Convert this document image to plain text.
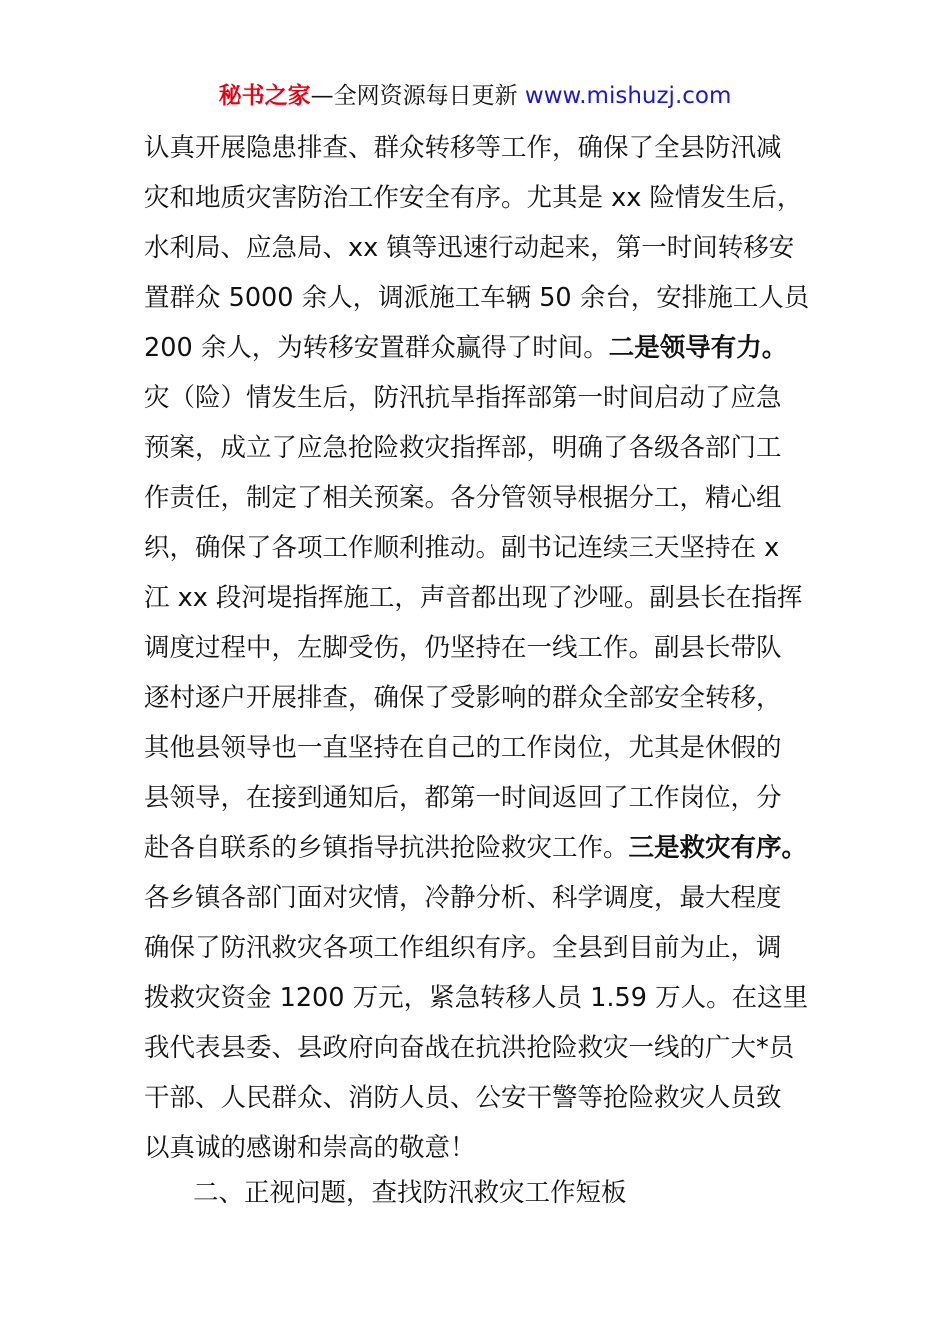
秘书之家—全网资源每日更新 www.mishuzj.com
认真开展隐患排查、群众转移等工作，确保了全县防汛减
灾和地质灾害防治工作安全有序。尤其是 xx 险情发生后，
水利局、应急局、xx 镇等迅速行动起来，第一时间转移安
置群众 5000 余人，调派施工车辆 50 余台，安排施工人员
200 余人，为转移安置群众赢得了时间。二是领导有力。
灾（险）情发生后，防汛抗旱指挥部第一时间启动了应急
预案，成立了应急抢险救灾指挥部，明确了各级各部门工
作责任，制定了相关预案。各分管领导根据分工，精心组
织，确保了各项工作顺利推动。副书记连续三天坚持在 x
江 xx 段河堤指挥施工，声音都出现了沙哑。副县长在指挥
调度过程中，左脚受伤，仍坚持在一线工作。副县长带队
逐村逐户开展排查，确保了受影响的群众全部安全转移，
其他县领导也一直坚持在自己的工作岗位，尤其是休假的
县领导，在接到通知后，都第一时间返回了工作岗位，分
赴各自联系的乡镇指导抗洪抢险救灾工作。三是救灾有序。
各乡镇各部门面对灾情，冷静分析、科学调度，最大程度
确保了防汛救灾各项工作组织有序。全县到目前为止，调
拨救灾资金 1200 万元，紧急转移人员 1.59 万人。在这里
我代表县委、县政府向奋战在抗洪抢险救灾一线的广大*员
干部、人民群众、消防人员、公安干警等抢险救灾人员致
以真诚的感谢和崇高的敬意！
二、正视问题，查找防汛救灾工作短板
